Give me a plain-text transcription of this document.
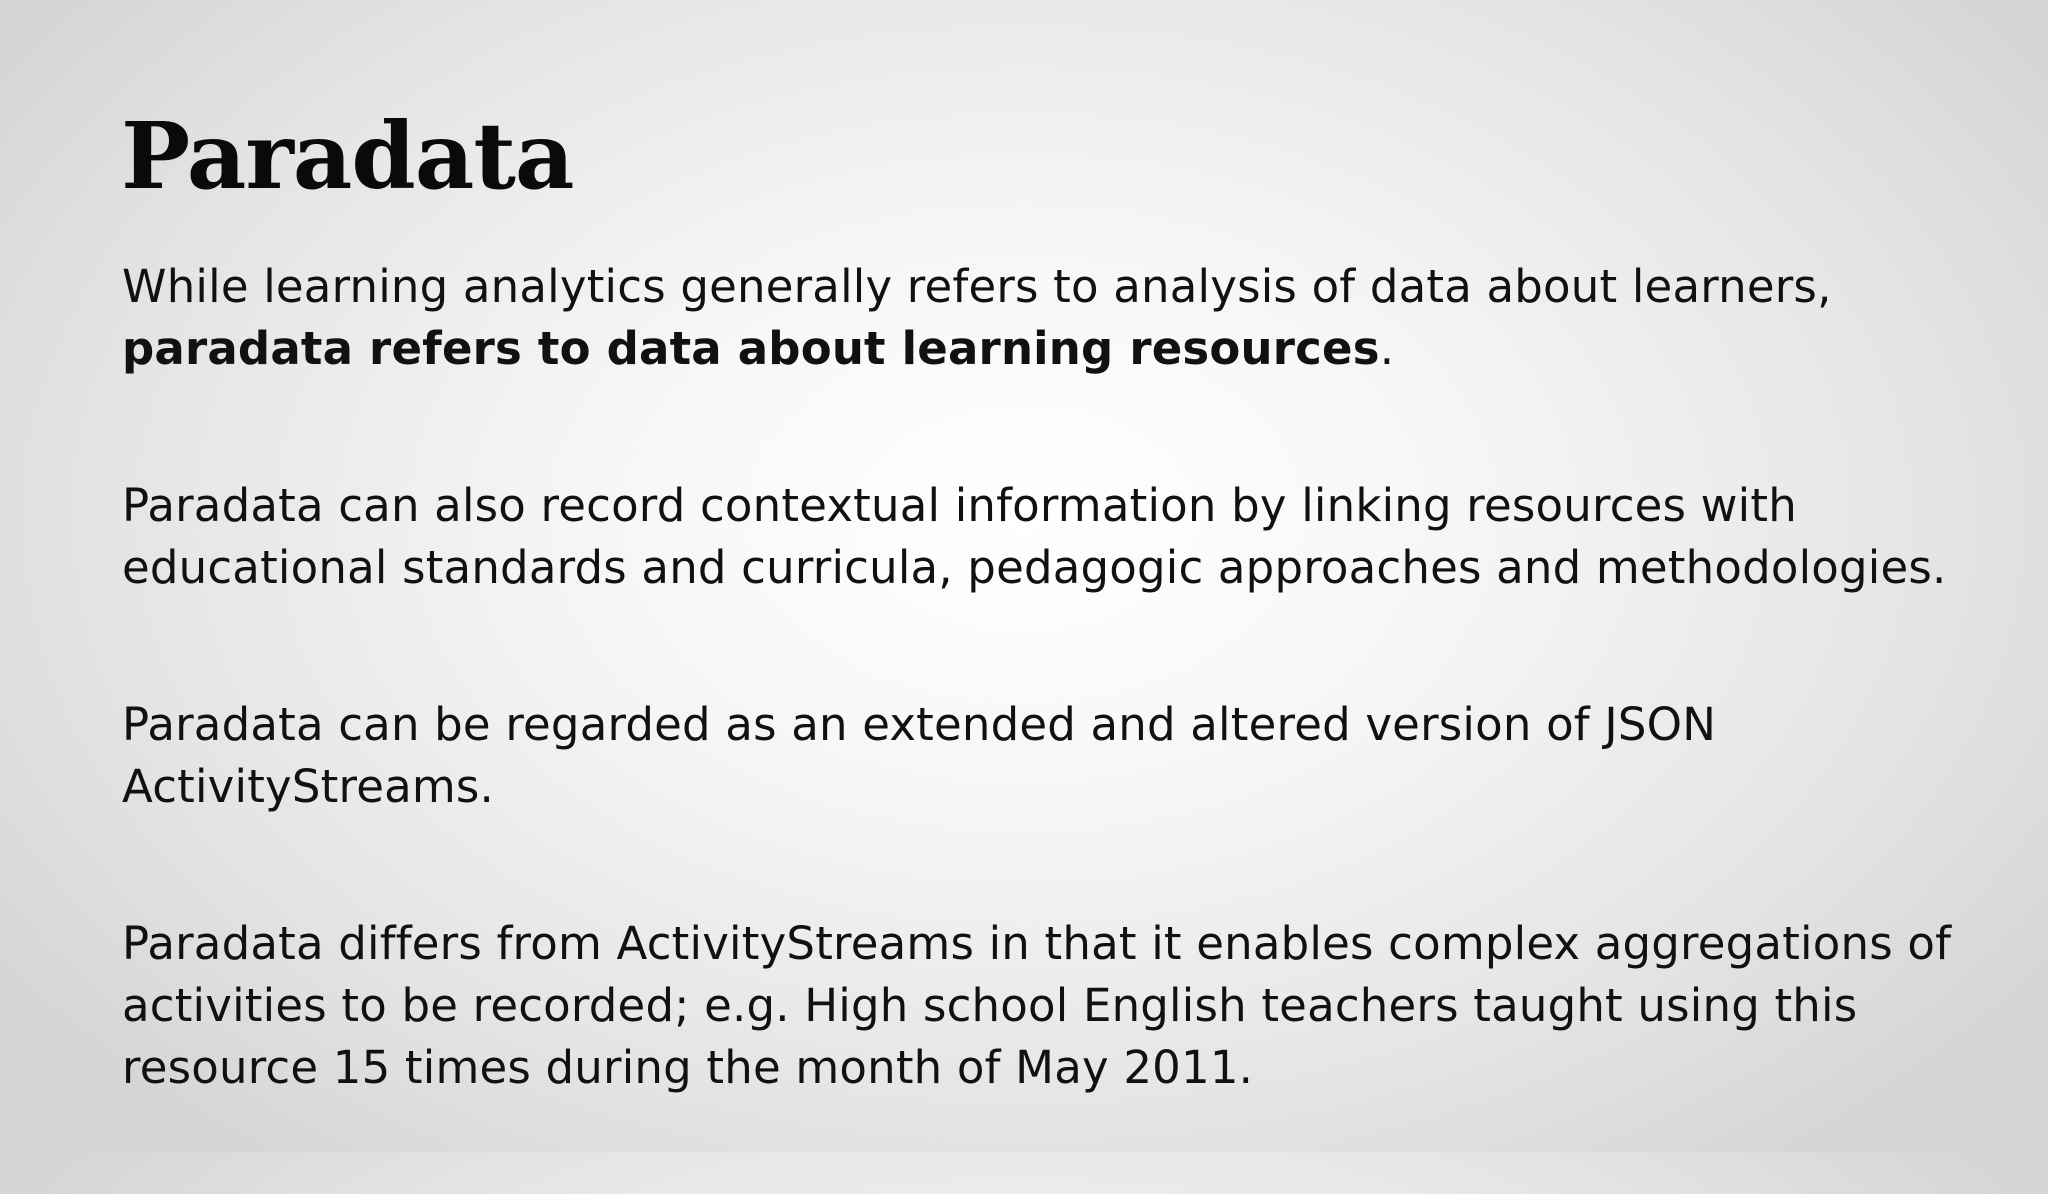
Paradata

While learning analytics generally refers to analysis of data about learners, paradata refers to data about learning resources.

Paradata can also record contextual information by linking resources with educational standards and curricula, pedagogic approaches and methodologies.

Paradata can be regarded as an extended and altered version of JSON ActivityStreams.

Paradata differs from ActivityStreams in that it enables complex aggregations of activities to be recorded; e.g. High school English teachers taught using this resource 15 times during the month of May 2011.
